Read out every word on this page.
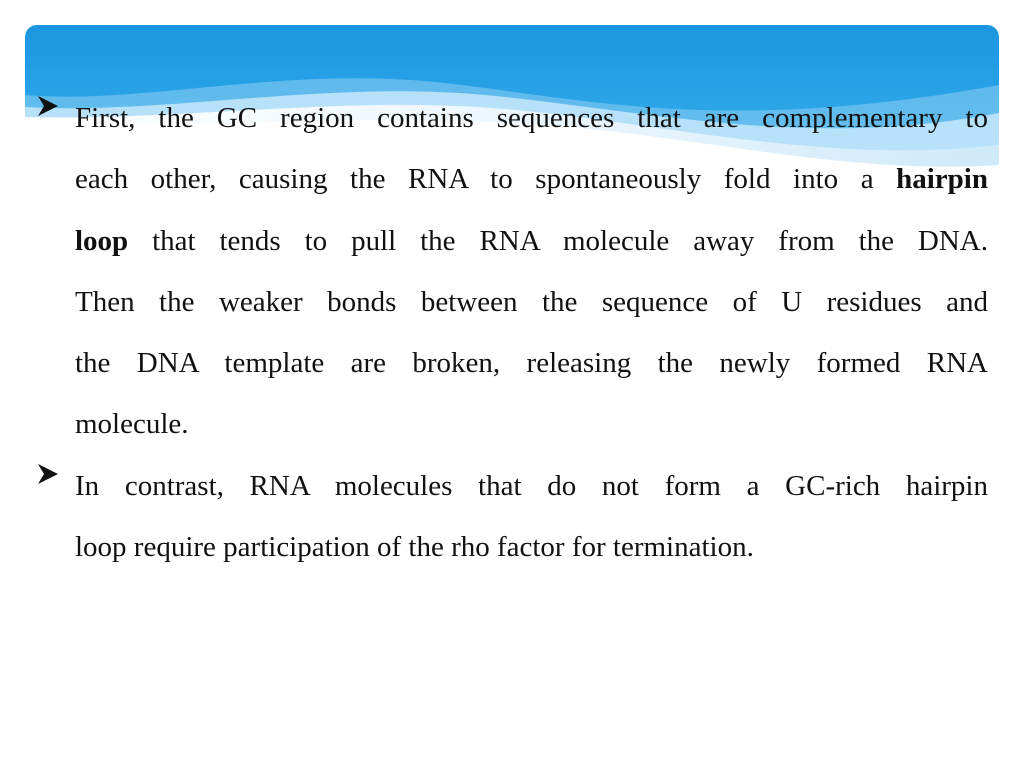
First, the GC region contains sequences that are complementary to
each other, causing the RNA to spontaneously fold into a hairpin
loop that tends to pull the RNA molecule away from the DNA.
Then the weaker bonds between the sequence of U residues and
the DNA template are broken, releasing the newly formed RNA
molecule.
In contrast, RNA molecules that do not form a GC-rich hairpin
loop require participation of the rho factor for termination.
